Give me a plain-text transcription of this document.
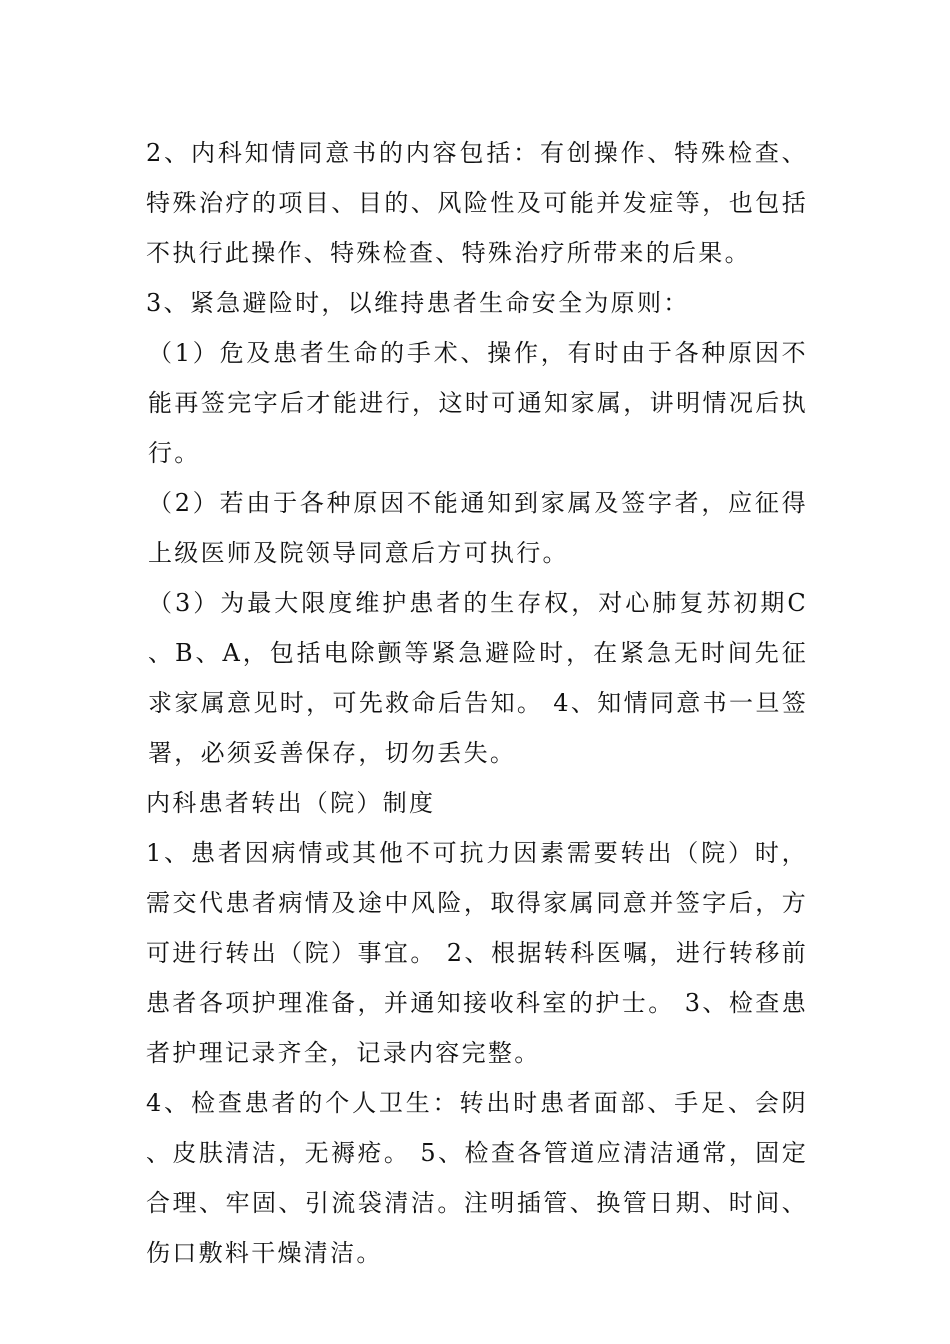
2、内科知情同意书的内容包括：有创操作、特殊检查、特殊治疗的项目、目的、风险性及可能并发症等，也包括不执行此操作、特殊检查、特殊治疗所带来的后果。

3、紧急避险时，以维持患者生命安全为原则：

（1）危及患者生命的手术、操作，有时由于各种原因不能再签完字后才能进行，这时可通知家属，讲明情况后执行。

（2）若由于各种原因不能通知到家属及签字者，应征得上级医师及院领导同意后方可执行。

（3）为最大限度维护患者的生存权，对心肺复苏初期C、B、A，包括电除颤等紧急避险时，在紧急无时间先征求家属意见时，可先救命后告知。 4、知情同意书一旦签署，必须妥善保存，切勿丢失。

内科患者转出（院）制度

1、患者因病情或其他不可抗力因素需要转出（院）时，需交代患者病情及途中风险，取得家属同意并签字后，方可进行转出（院）事宜。 2、根据转科医嘱，进行转移前患者各项护理准备，并通知接收科室的护士。 3、检查患者护理记录齐全，记录内容完整。

4、检查患者的个人卫生：转出时患者面部、手足、会阴、皮肤清洁，无褥疮。 5、检查各管道应清洁通常，固定合理、牢固、引流袋清洁。注明插管、换管日期、时间、伤口敷料干燥清洁。
